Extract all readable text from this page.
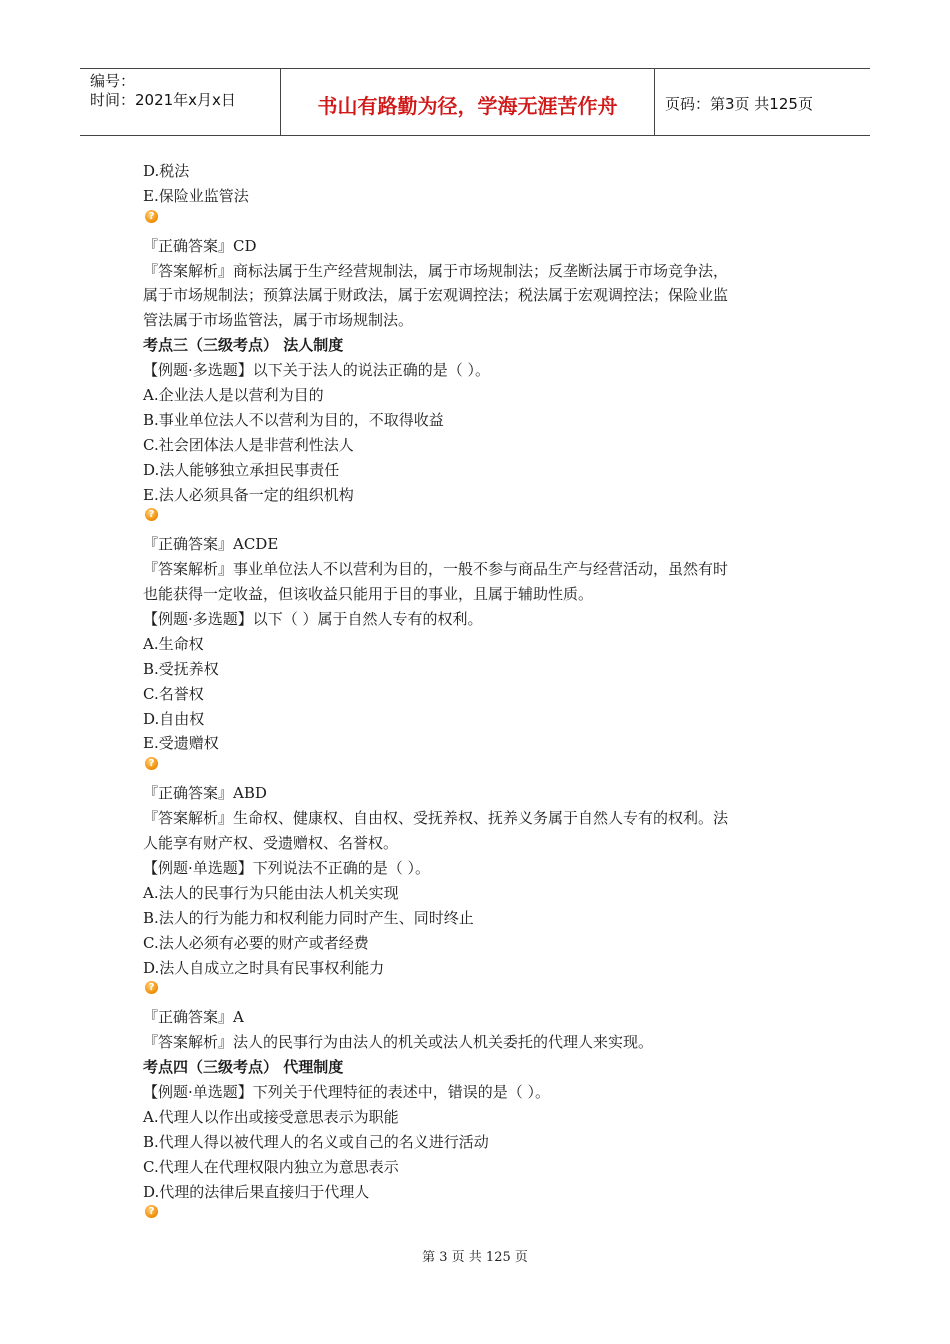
编号：
时间：2021年x月x日	书山有路勤为径，学海无涯苦作舟	页码：第3页 共125页
D.税法
E.保险业监管法
?
『正确答案』CD
『答案解析』商标法属于生产经营规制法，属于市场规制法；反垄断法属于市场竞争法，
属于市场规制法；预算法属于财政法，属于宏观调控法；税法属于宏观调控法；保险业监
管法属于市场监管法，属于市场规制法。
考点三（三级考点） 法人制度
【例题·多选题】以下关于法人的说法正确的是（ ）。
A.企业法人是以营利为目的
B.事业单位法人不以营利为目的，不取得收益
C.社会团体法人是非营利性法人
D.法人能够独立承担民事责任
E.法人必须具备一定的组织机构
?
『正确答案』ACDE
『答案解析』事业单位法人不以营利为目的，一般不参与商品生产与经营活动，虽然有时
也能获得一定收益，但该收益只能用于目的事业，且属于辅助性质。
【例题·多选题】以下（ ）属于自然人专有的权利。
A.生命权
B.受抚养权
C.名誉权
D.自由权
E.受遗赠权
?
『正确答案』ABD
『答案解析』生命权、健康权、自由权、受抚养权、抚养义务属于自然人专有的权利。法
人能享有财产权、受遗赠权、名誉权。
【例题·单选题】下列说法不正确的是（ ）。
A.法人的民事行为只能由法人机关实现
B.法人的行为能力和权利能力同时产生、同时终止
C.法人必须有必要的财产或者经费
D.法人自成立之时具有民事权利能力
?
『正确答案』A
『答案解析』法人的民事行为由法人的机关或法人机关委托的代理人来实现。
考点四（三级考点） 代理制度
【例题·单选题】下列关于代理特征的表述中，错误的是（ ）。
A.代理人以作出或接受意思表示为职能
B.代理人得以被代理人的名义或自己的名义进行活动
C.代理人在代理权限内独立为意思表示
D.代理的法律后果直接归于代理人
?
第 3 页 共 125 页
